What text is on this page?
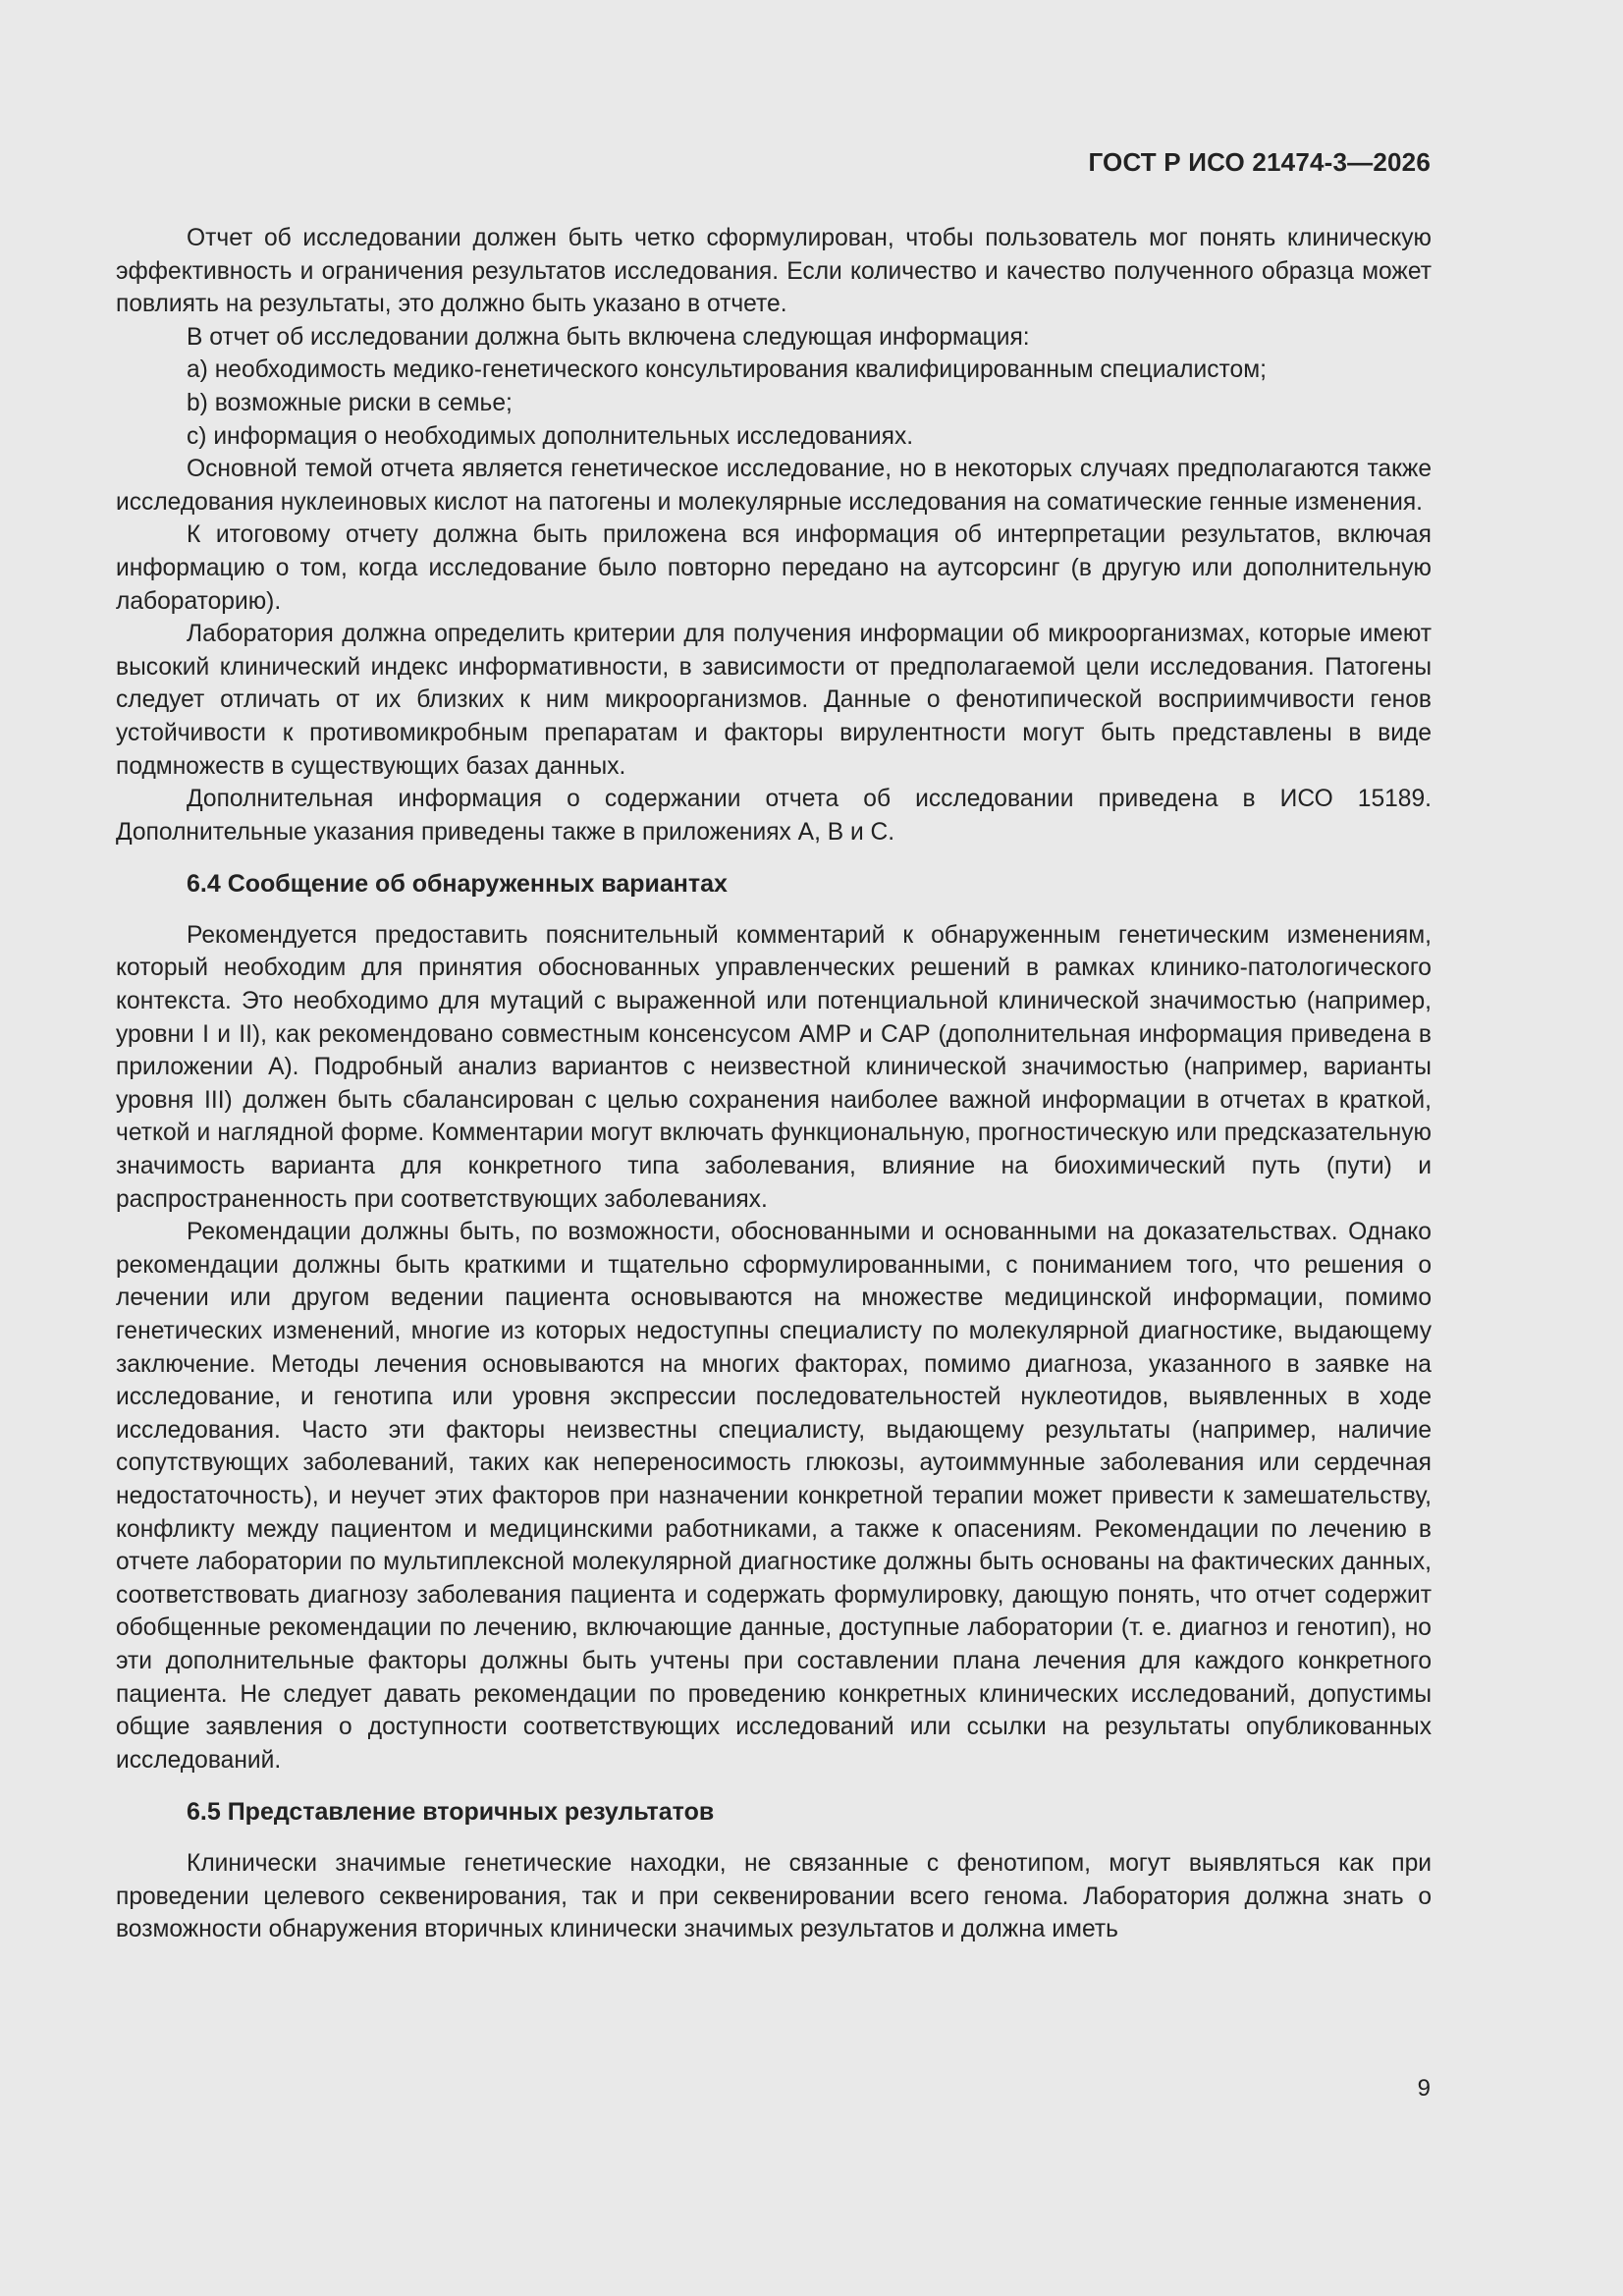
ГОСТ Р ИСО 21474-3—2026

Отчет об исследовании должен быть четко сформулирован, чтобы пользователь мог понять клиническую эффективность и ограничения результатов исследования. Если количество и качество полученного образца может повлиять на результаты, это должно быть указано в отчете.

В отчет об исследовании должна быть включена следующая информация:

a) необходимость медико-генетического консультирования квалифицированным специалистом;

b) возможные риски в семье;

c) информация о необходимых дополнительных исследованиях.

Основной темой отчета является генетическое исследование, но в некоторых случаях предполагаются также исследования нуклеиновых кислот на патогены и молекулярные исследования на соматические генные изменения.

К итоговому отчету должна быть приложена вся информация об интерпретации результатов, включая информацию о том, когда исследование было повторно передано на аутсорсинг (в другую или дополнительную лабораторию).

Лаборатория должна определить критерии для получения информации об микроорганизмах, которые имеют высокий клинический индекс информативности, в зависимости от предполагаемой цели исследования. Патогены следует отличать от их близких к ним микроорганизмов. Данные о фенотипической восприимчивости генов устойчивости к противомикробным препаратам и факторы вирулентности могут быть представлены в виде подмножеств в существующих базах данных.

Дополнительная информация о содержании отчета об исследовании приведена в ИСО 15189. Дополнительные указания приведены также в приложениях А, В и С.

6.4 Сообщение об обнаруженных вариантах

Рекомендуется предоставить пояснительный комментарий к обнаруженным генетическим изменениям, который необходим для принятия обоснованных управленческих решений в рамках клинико-патологического контекста. Это необходимо для мутаций с выраженной или потенциальной клинической значимостью (например, уровни I и II), как рекомендовано совместным консенсусом AMP и CAP (дополнительная информация приведена в приложении А). Подробный анализ вариантов с неизвестной клинической значимостью (например, варианты уровня III) должен быть сбалансирован с целью сохранения наиболее важной информации в отчетах в краткой, четкой и наглядной форме. Комментарии могут включать функциональную, прогностическую или предсказательную значимость варианта для конкретного типа заболевания, влияние на биохимический путь (пути) и распространенность при соответствующих заболеваниях.

Рекомендации должны быть, по возможности, обоснованными и основанными на доказательствах. Однако рекомендации должны быть краткими и тщательно сформулированными, с пониманием того, что решения о лечении или другом ведении пациента основываются на множестве медицинской информации, помимо генетических изменений, многие из которых недоступны специалисту по молекулярной диагностике, выдающему заключение. Методы лечения основываются на многих факторах, помимо диагноза, указанного в заявке на исследование, и генотипа или уровня экспрессии последовательностей нуклеотидов, выявленных в ходе исследования. Часто эти факторы неизвестны специалисту, выдающему результаты (например, наличие сопутствующих заболеваний, таких как непереносимость глюкозы, аутоиммунные заболевания или сердечная недостаточность), и неучет этих факторов при назначении конкретной терапии может привести к замешательству, конфликту между пациентом и медицинскими работниками, а также к опасениям. Рекомендации по лечению в отчете лаборатории по мультиплексной молекулярной диагностике должны быть основаны на фактических данных, соответствовать диагнозу заболевания пациента и содержать формулировку, дающую понять, что отчет содержит обобщенные рекомендации по лечению, включающие данные, доступные лаборатории (т. е. диагноз и генотип), но эти дополнительные факторы должны быть учтены при составлении плана лечения для каждого конкретного пациента. Не следует давать рекомендации по проведению конкретных клинических исследований, допустимы общие заявления о доступности соответствующих исследований или ссылки на результаты опубликованных исследований.

6.5 Представление вторичных результатов

Клинически значимые генетические находки, не связанные с фенотипом, могут выявляться как при проведении целевого секвенирования, так и при секвенировании всего генома. Лаборатория должна знать о возможности обнаружения вторичных клинически значимых результатов и должна иметь

9
